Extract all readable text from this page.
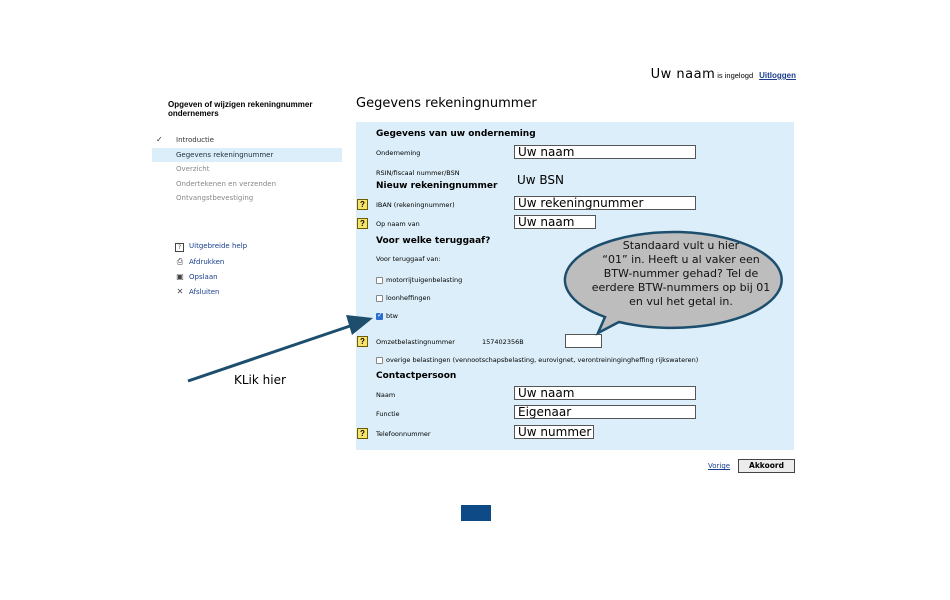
Uw naam is ingelogd Uitloggen
Opgeven of wijzigen rekeningnummer ondernemers
✓ Introductie
Gegevens rekeningnummer
Overzicht
Ondertekenen en verzenden
Ontvangstbevestiging
? Uitgebreide help
⎙ Afdrukken
▣ Opslaan
✕ Afsluiten
Gegevens rekeningnummer
Gegevens van uw onderneming
Onderneming	Uw naam
RSIN/fiscaal nummer/BSN	Uw BSN
Nieuw rekeningnummer
?	IBAN (rekeningnummer)	Uw rekeningnummer
?	Op naam van	Uw naam
Voor welke teruggaaf?
Voor teruggaaf van:
motorrijtuigenbelasting
loonheffingen
✓
btw
?	Omzetbelastingnummer	157402356B
overige belastingen (vennootschapsbelasting, eurovignet, verontreiningingheffing rijkswateren)
Contactpersoon
Naam	Uw naam
Functie	Eigenaar
?	Telefoonnummer	Uw nummer
Vorige	Akkoord
Standaard vult u hier
“01” in. Heeft u al vaker een
BTW-nummer gehad? Tel de
eerdere BTW-nummers op bij 01
en vul het getal in.
KLik hier
